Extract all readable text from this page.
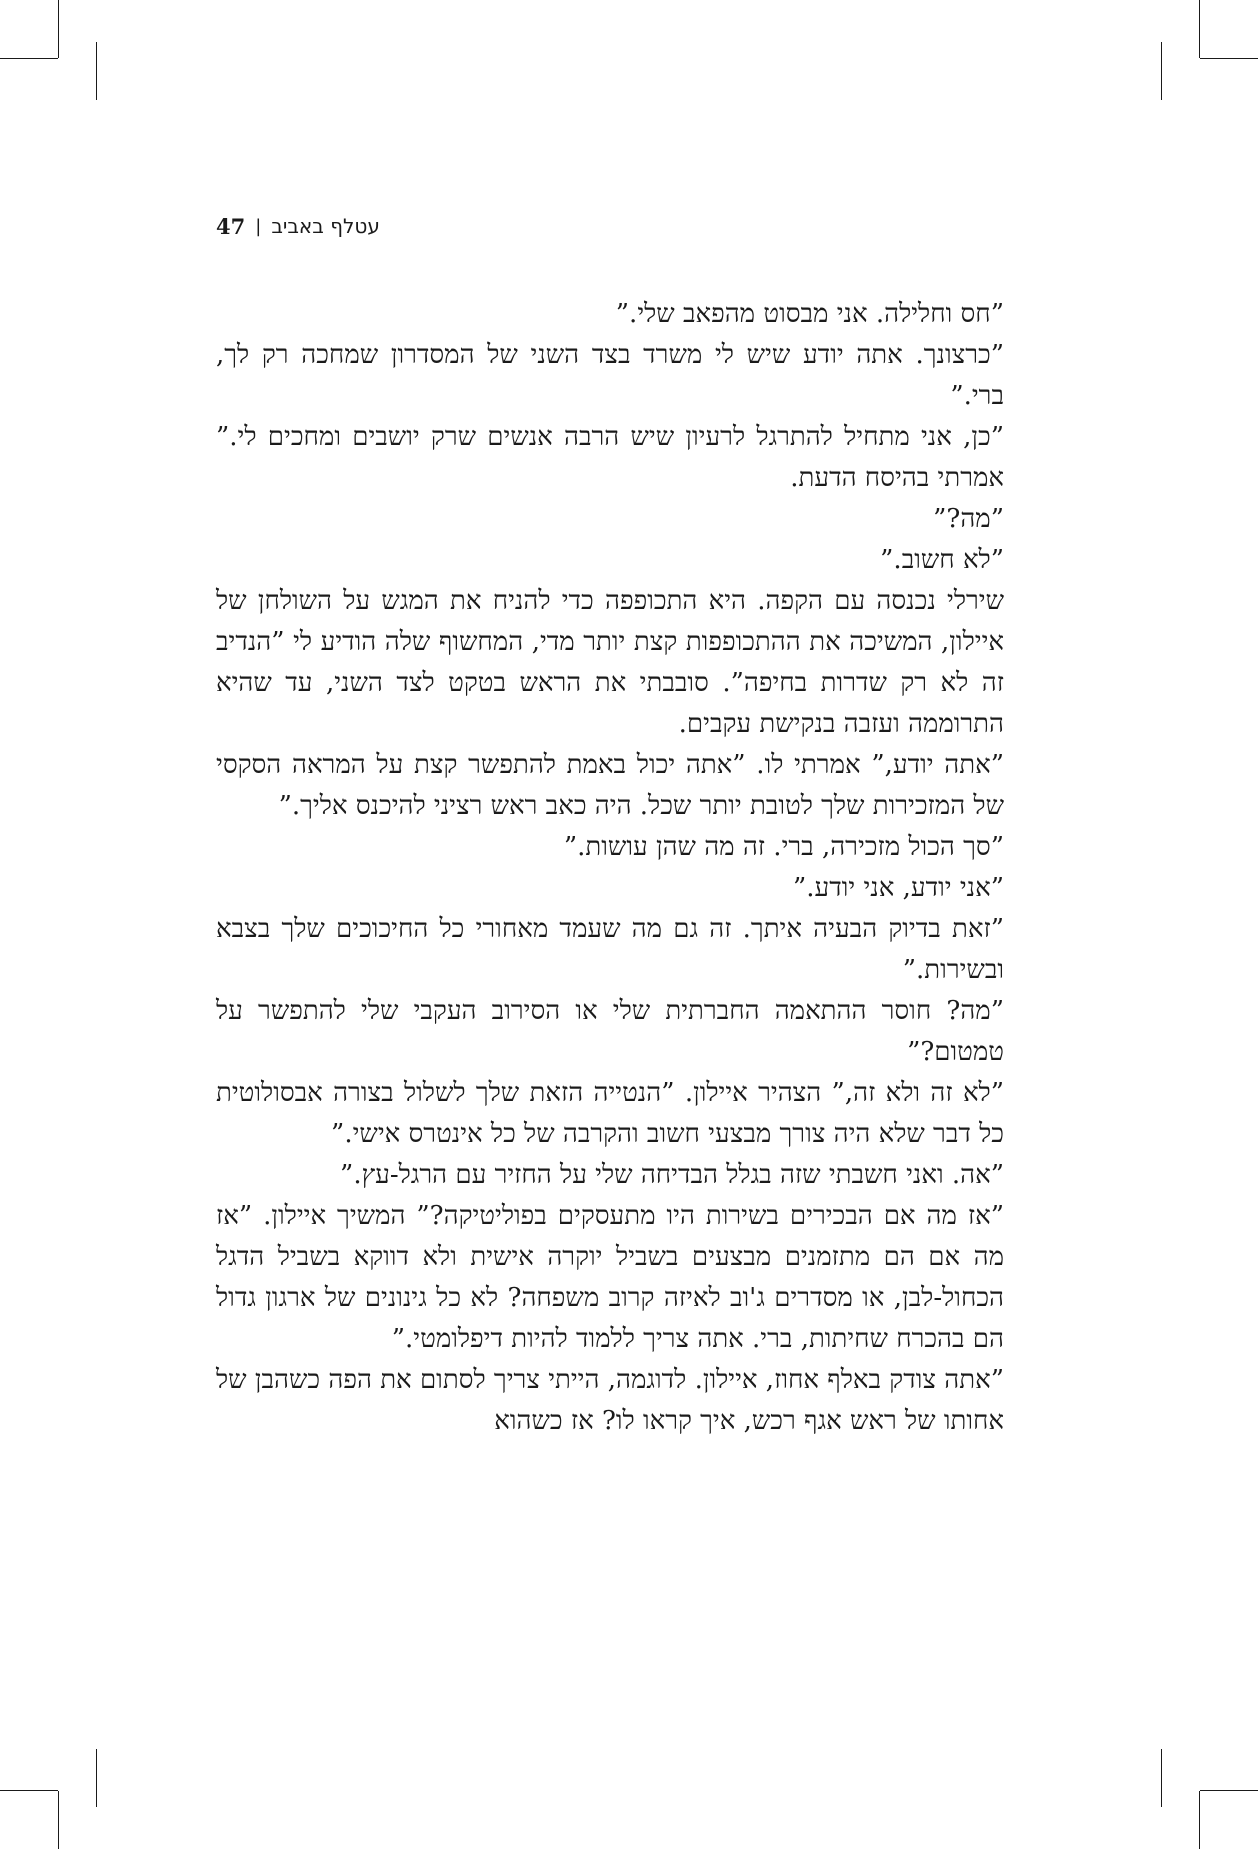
47 | עטלף באביב

”חס וחלילה. אני מבסוט מהפאב שלי.”

”כרצונך. אתה יודע שיש לי משרד בצד השני של המסדרון שמחכה רק לך, ברי.”

”כן, אני מתחיל להתרגל לרעיון שיש הרבה אנשים שרק יושבים ומחכים לי.” אמרתי בהיסח הדעת.

”מה?”

”לא חשוב.”

שירלי נכנסה עם הקפה. היא התכופפה כדי להניח את המגש על השולחן של איילון, המשיכה את ההתכופפות קצת יותר מדי, המחשוף שלה הודיע לי ”הנדיב זה לא רק שדרות בחיפה”. סובבתי את הראש בטקט לצד השני, עד שהיא התרוממה ועזבה בנקישת עקבים.

”אתה יודע,” אמרתי לו. ”אתה יכול באמת להתפשר קצת על המראה הסקסי של המזכירות שלך לטובת יותר שכל. היה כאב ראש רציני להיכנס אליך.”

”סך הכול מזכירה, ברי. זה מה שהן עושות.”

”אני יודע, אני יודע.”

”זאת בדיוק הבעיה איתך. זה גם מה שעמד מאחורי כל החיכוכים שלך בצבא ובשירות.”

”מה? חוסר ההתאמה החברתית שלי או הסירוב העקבי שלי להתפשר על טמטום?”

”לא זה ולא זה,” הצהיר איילון. ”הנטייה הזאת שלך לשלול בצורה אבסולוטית כל דבר שלא היה צורך מבצעי חשוב והקרבה של כל אינטרס אישי.”

”אה. ואני חשבתי שזה בגלל הבדיחה שלי על החזיר עם הרגל-עץ.”

”אז מה אם הבכירים בשירות היו מתעסקים בפוליטיקה?” המשיך איילון. ”אז מה אם הם מתזמנים מבצעים בשביל יוקרה אישית ולא דווקא בשביל הדגל הכחול-לבן, או מסדרים ג'וב לאיזה קרוב משפחה? לא כל גינונים של ארגון גדול הם בהכרח שחיתות, ברי. אתה צריך ללמוד להיות דיפלומטי.”

”אתה צודק באלף אחוז, איילון. לדוגמה, הייתי צריך לסתום את הפה כשהבן של אחותו של ראש אגף רכש, איך קראו לו? אז כשהוא
